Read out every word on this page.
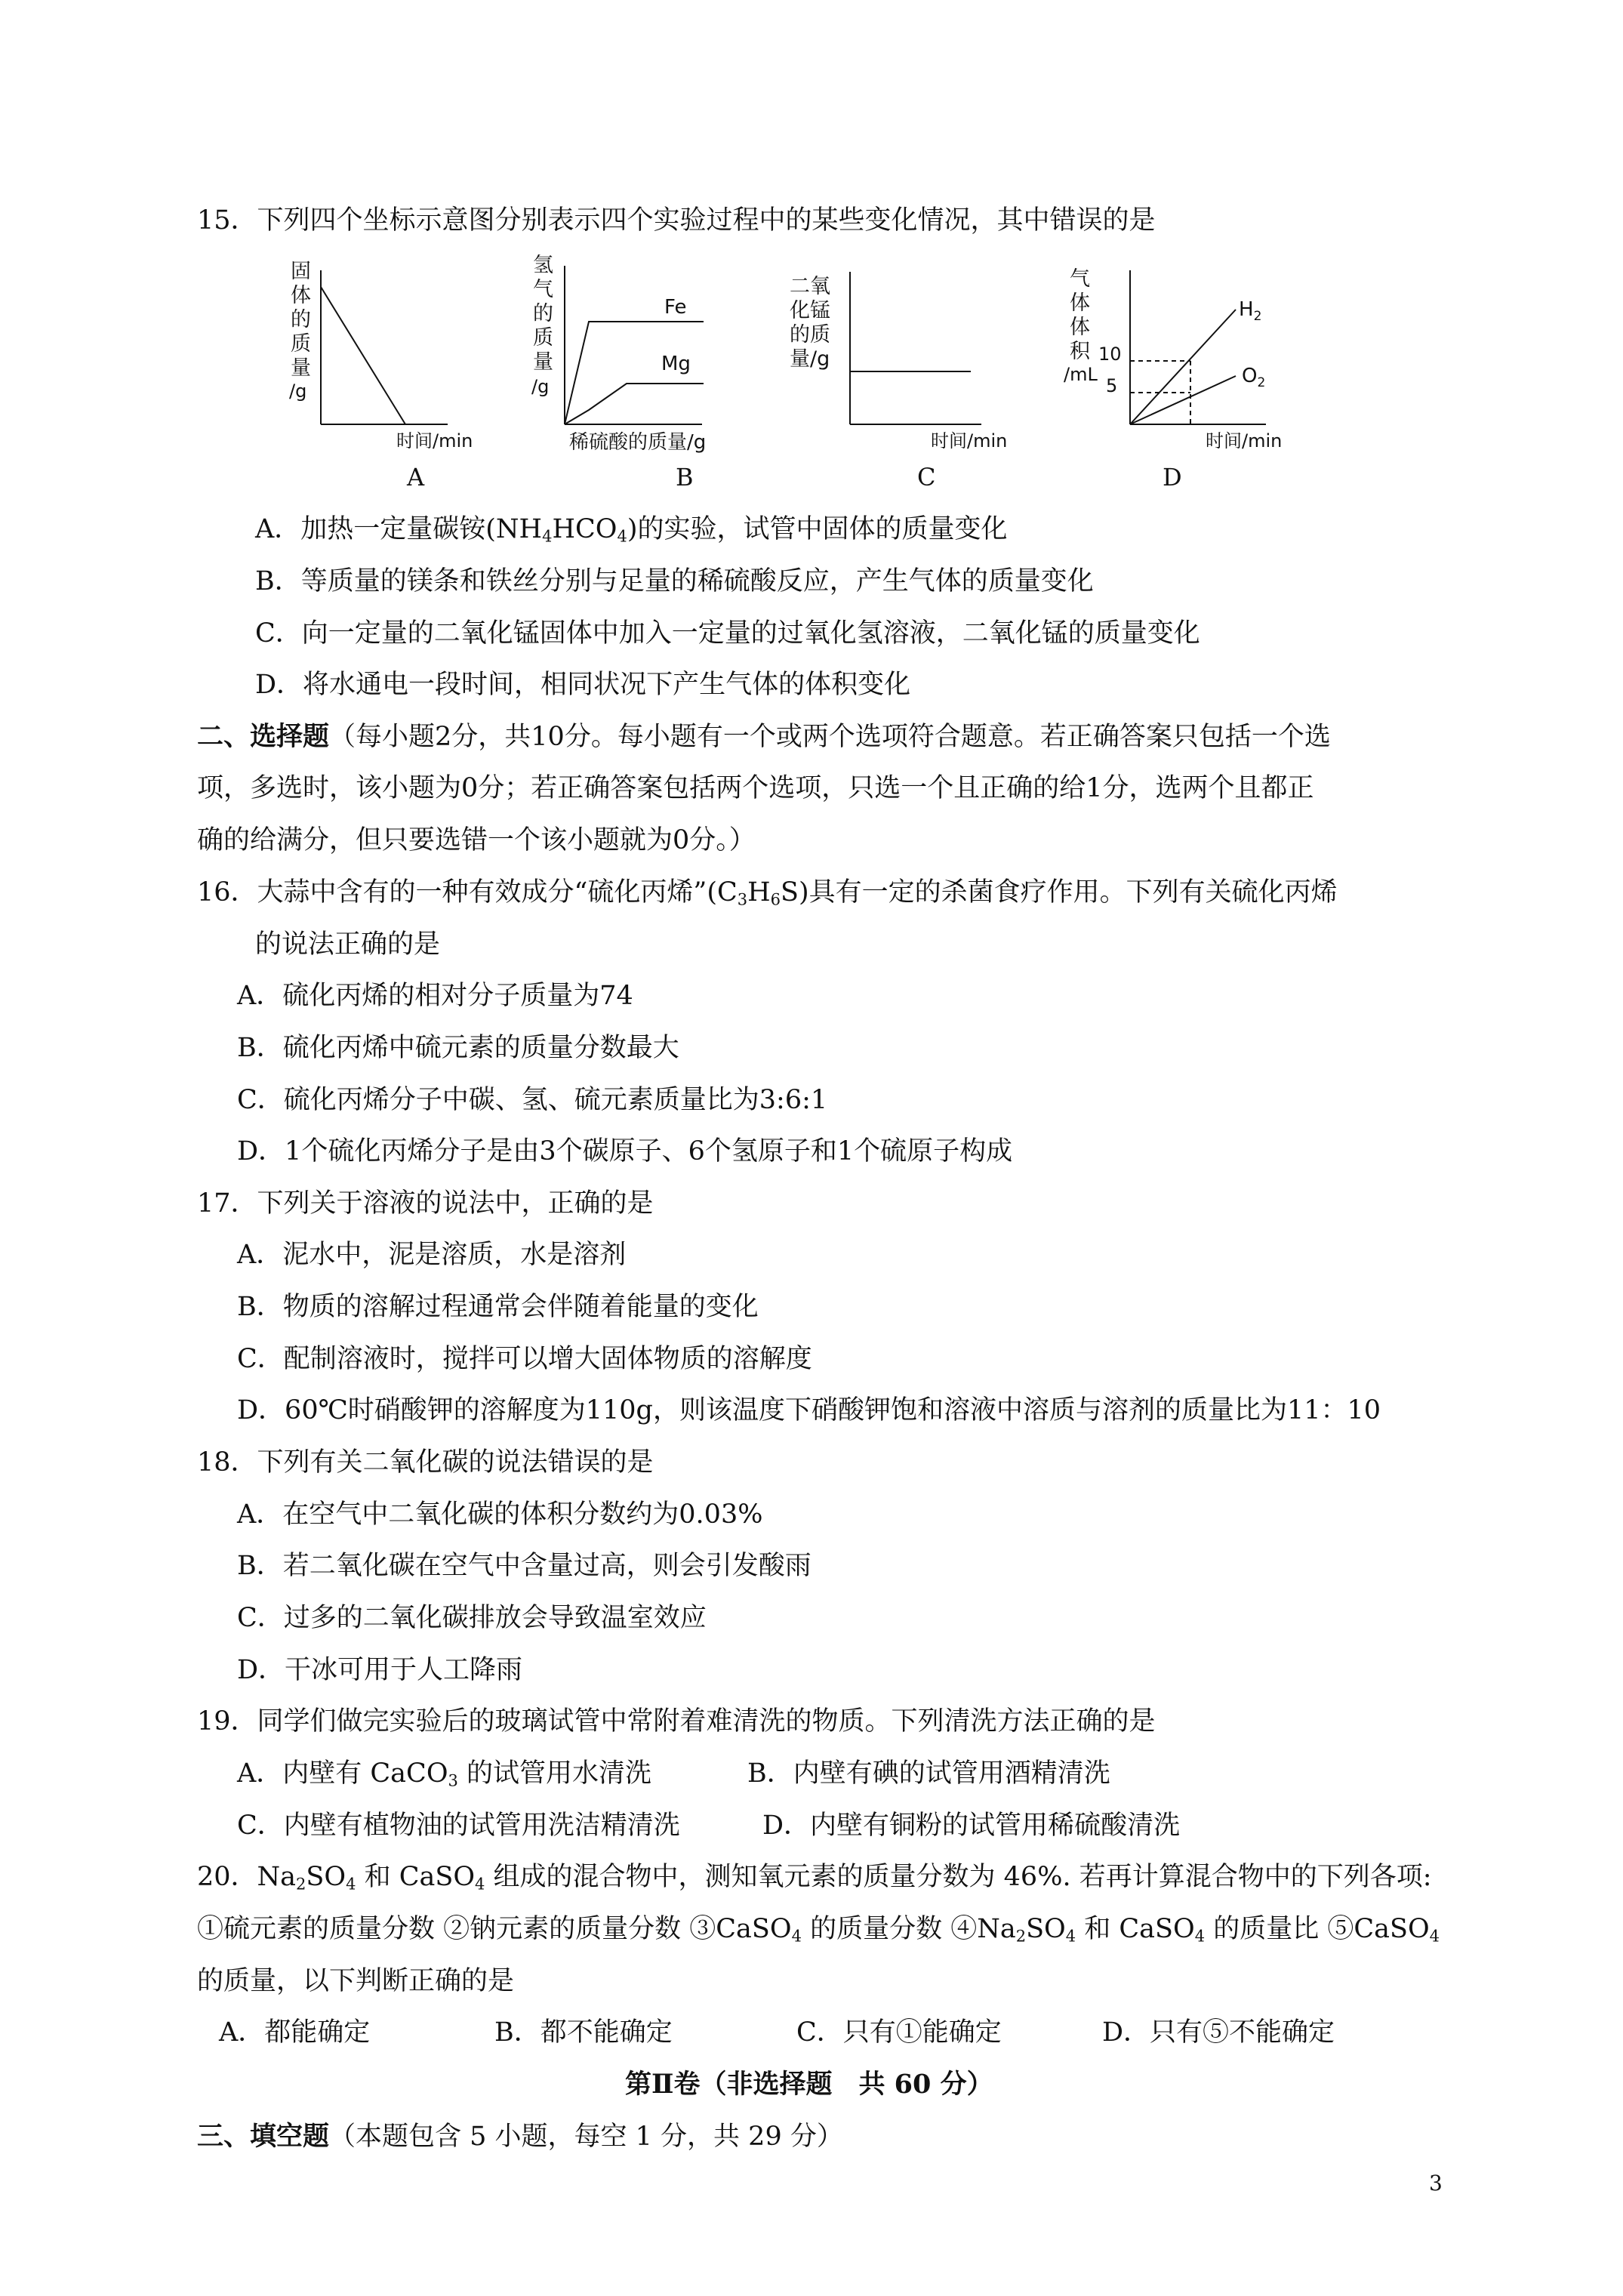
15．下列四个坐标示意图分别表示四个实验过程中的某些变化情况，其中错误的是
固
体
的
质
量
/g
时间/min
A
氢
气
的
质
量
/g
Fe
Mg
稀硫酸的质量/g
B
二氧
化锰
的质
量/g
时间/min
C
气
体
体
积
/mL
10
5
$H_2$
$O_2$
时间/min
D
A．加热一定量碳铵$(NH_4HCO_4)$的实验，试管中固体的质量变化
B．等质量的镁条和铁丝分别与足量的稀硫酸反应，产生气体的质量变化
C．向一定量的二氧化锰固体中加入一定量的过氧化氢溶液，二氧化锰的质量变化
D．将水通电一段时间，相同状况下产生气体的体积变化
二、选择题（每小题2分，共10分。每小题有一个或两个选项符合题意。若正确答案只包括一个选
项，多选时，该小题为0分；若正确答案包括两个选项，只选一个且正确的给1分，选两个且都正
确的给满分，但只要选错一个该小题就为0分。）
16．大蒜中含有的一种有效成分“硫化丙烯$”(C_3H_6S)$具有一定的杀菌食疗作用。下列有关硫化丙烯
的说法正确的是
A．硫化丙烯的相对分子质量为74
B．硫化丙烯中硫元素的质量分数最大
C．硫化丙烯分子中碳、氢、硫元素质量比为3:6:1
D．1个硫化丙烯分子是由3个碳原子、6个氢原子和1个硫原子构成
17．下列关于溶液的说法中，正确的是
A．泥水中，泥是溶质，水是溶剂
B．物质的溶解过程通常会伴随着能量的变化
C．配制溶液时，搅拌可以增大固体物质的溶解度
D．60℃时硝酸钾的溶解度为110g，则该温度下硝酸钾饱和溶液中溶质与溶剂的质量比为11：10
18．下列有关二氧化碳的说法错误的是
A．在空气中二氧化碳的体积分数约为0.03%
B．若二氧化碳在空气中含量过高，则会引发酸雨
C．过多的二氧化碳排放会导致温室效应
D．干冰可用于人工降雨
19．同学们做完实验后的玻璃试管中常附着难清洗的物质。下列清洗方法正确的是
A．内壁有 CaCO$_3$ 的试管用水清洗	B．内壁有碘的试管用酒精清洗
C．内壁有植物油的试管用洗洁精清洗	D．内壁有铜粉的试管用稀硫酸清洗
20．$Na_2SO_4$ 和 CaSO$_4$ 组成的混合物中，测知氧元素的质量分数为 46%. 若再计算混合物中的下列各项:
①硫元素的质量分数 ②钠元素的质量分数 ③CaSO$_4$ 的质量分数 $④Na_2SO_4$ 和 CaSO$_4$ 的质量比 ⑤CaSO$_4$
的质量，以下判断正确的是
A．都能确定	B．都不能确定	C．只有①能确定	D．只有⑤不能确定
第Ⅱ卷（非选择题　共 60 分）
三、填空题（本题包含 5 小题，每空 1 分，共 29 分）
3
